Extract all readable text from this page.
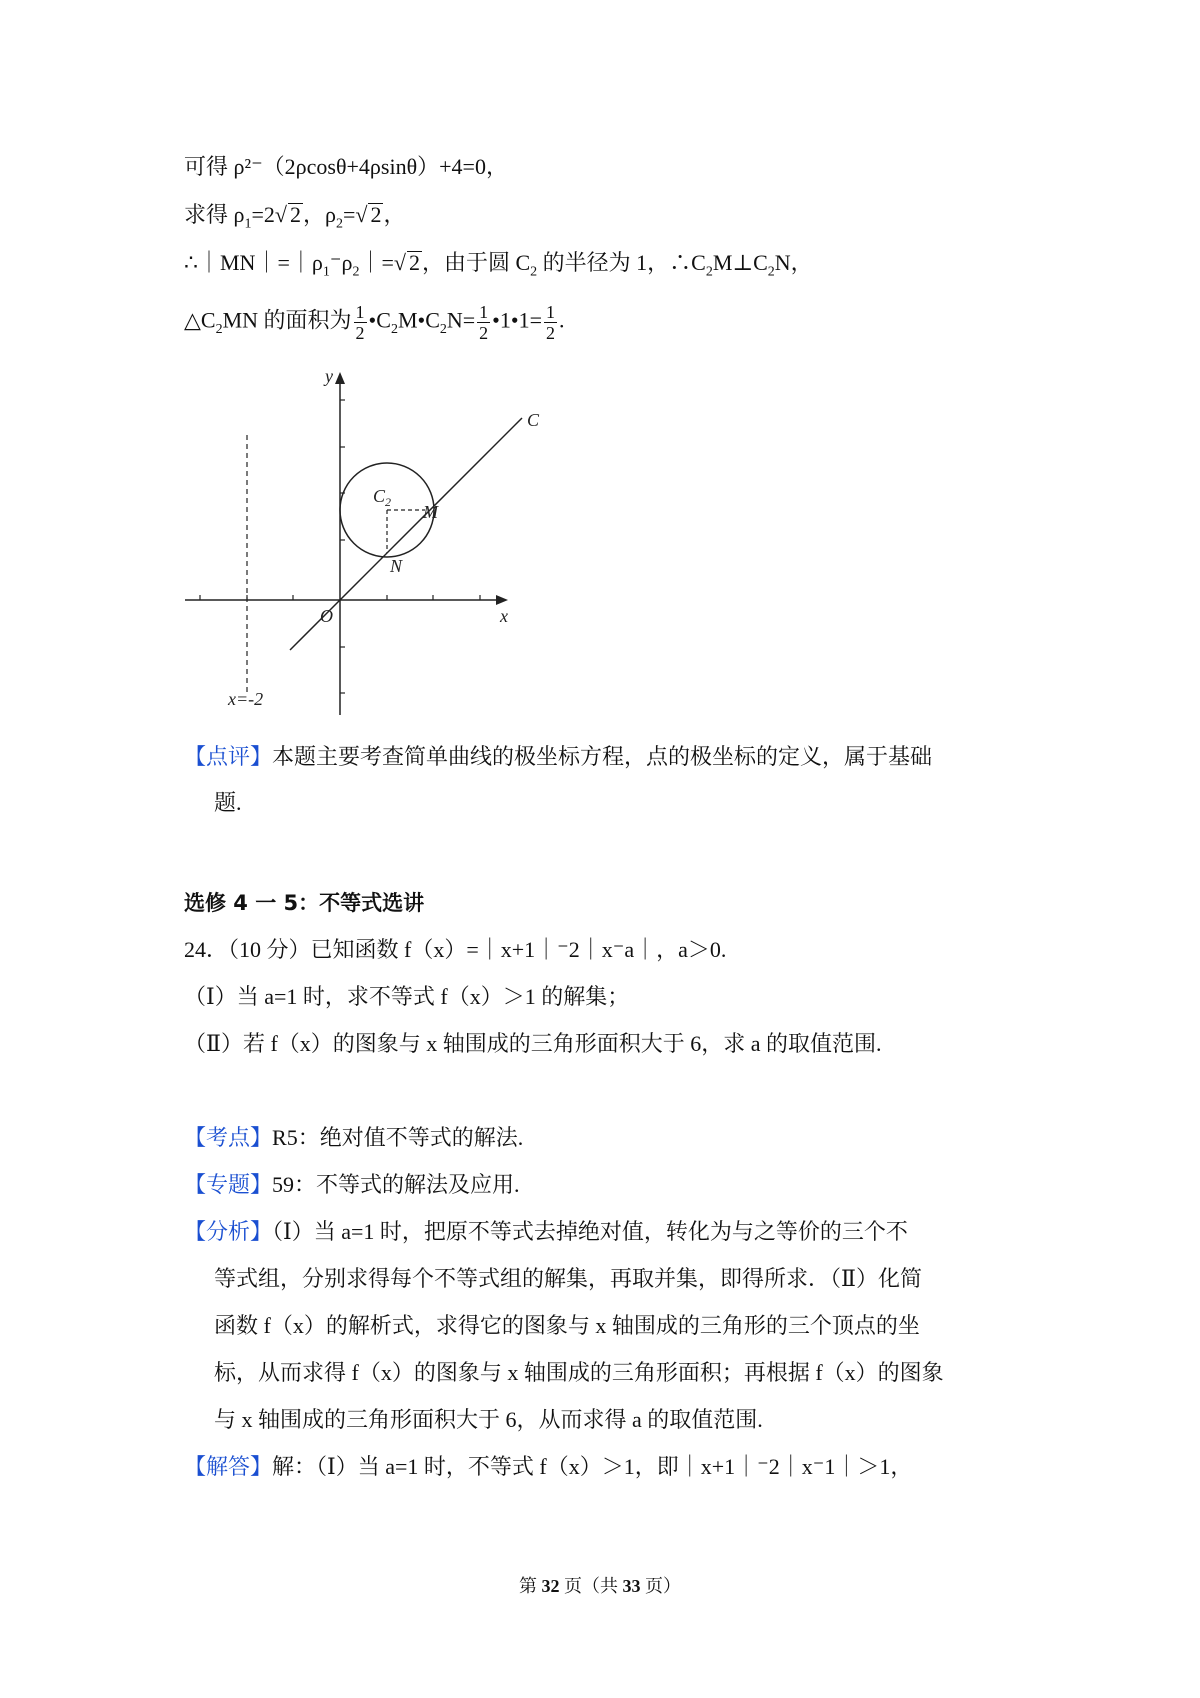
可得 ρ²⁻（2ρcosθ+4ρsinθ）+4=0，
求得 $\rho_1=2√$ 2，$\rho_2=√$ 2，
$\therefore|MN|=|\rho_1^-\rho_2|=√$ 2，由于圆 $C_2$ 的半径为 1，$\therefore C_2M\perp C_2N$，
$\triangle C_2MN$ 的面积为 $\frac{1}{2}$ $•C_2M•C_2N= \frac{1}{2}$ •1•1= $\frac{1}{2}$ .
y
x
O
C
$C_2$ M
N
x=-2
【点评】本题主要考查简单曲线的极坐标方程，点的极坐标的定义，属于基础
题.
选修 4 一 5：不等式选讲
24．（10 分）已知函数 f（x）=｜x+1｜⁻2｜x⁻a｜，a＞0.
（Ⅰ）当 a=1 时，求不等式 f（x）＞1 的解集；
（Ⅱ）若 f（x）的图象与 x 轴围成的三角形面积大于 6，求 a 的取值范围.
【考点】R5：绝对值不等式的解法.
【专题】59：不等式的解法及应用.
【分析】（Ⅰ）当 a=1 时，把原不等式去掉绝对值，转化为与之等价的三个不
等式组，分别求得每个不等式组的解集，再取并集，即得所求．（Ⅱ）化简
函数 f（x）的解析式，求得它的图象与 x 轴围成的三角形的三个顶点的坐
标，从而求得 f（x）的图象与 x 轴围成的三角形面积；再根据 f（x）的图象
与 x 轴围成的三角形面积大于 6，从而求得 a 的取值范围.
【解答】解：（Ⅰ）当 a=1 时，不等式 f（x）＞1，即｜x+1｜⁻2｜x⁻1｜＞1，
第 32 页（共 33 页）
